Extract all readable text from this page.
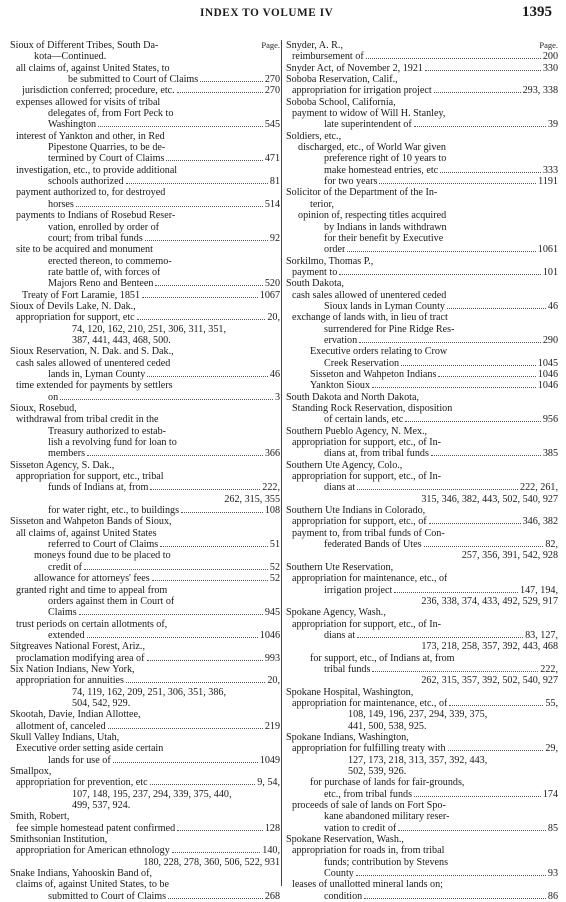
INDEX TO VOLUME IV	1395
Sioux of Different Tribes, South Da-	Page.
kota—Continued.
all claims of, against United States, to
be submitted to Court of Claims	270
jurisdiction conferred; procedure, etc.	270
expenses allowed for visits of tribal
delegates of, from Fort Peck to
Washington	545
interest of Yankton and other, in Red
Pipestone Quarries, to be de-
termined by Court of Claims	471
investigation, etc., to provide additional
schools authorized	81
payment authorized to, for destroyed
horses	514
payments to Indians of Rosebud Reser-
vation, enrolled by order of
court; from tribal funds	92
site to be acquired and monument
erected thereon, to commemo-
rate battle of, with forces of
Majors Reno and Benteen	520
Treaty of Fort Laramie, 1851	1067
Sioux of Devils Lake, N. Dak.,
appropriation for support, etc	20,
74, 120, 162, 210, 251, 306, 311, 351,
387, 441, 443, 468, 500.
Sioux Reservation, N. Dak. and S. Dak.,
cash sales allowed of unentered ceded
lands in, Lyman County	46
time extended for payments by settlers
on	3
Sioux, Rosebud,
withdrawal from tribal credit in the
Treasury authorized to estab-
lish a revolving fund for loan to
members	366
Sisseton Agency, S. Dak.,
appropriation for support, etc., tribal
funds of Indians at, from	222,
262, 315, 355
for water right, etc., to buildings	108
Sisseton and Wahpeton Bands of Sioux,
all claims of, against United States
referred to Court of Claims	51
moneys found due to be placed to
credit of	52
allowance for attorneys' fees	52
granted right and time to appeal from
orders against them in Court of
Claims	945
trust periods on certain allotments of,
extended	1046
Sitgreaves National Forest, Ariz.,
proclamation modifying area of	993
Six Nation Indians, New York,
appropriation for annuities	20,
74, 119, 162, 209, 251, 306, 351, 386,
504, 542, 929.
Skootah, Davie, Indian Allottee,
allotment of, canceled	219
Skull Valley Indians, Utah,
Executive order setting aside certain
lands for use of	1049
Smallpox,
appropriation for prevention, etc	9, 54,
107, 148, 195, 237, 294, 339, 375, 440,
499, 537, 924.
Smith, Robert,
fee simple homestead patent confirmed	128
Smithsonian Institution,
appropriation for American ethnology	140,
180, 228, 278, 360, 506, 522, 931
Snake Indians, Yahooskin Band of,
claims of, against United States, to be
submitted to Court of Claims	268
Snyder, A. R.,	Page.
reimbursement of	200
Snyder Act, of November 2, 1921	330
Soboba Reservation, Calif.,
appropriation for irrigation project	293, 338
Soboba School, California,
payment to widow of Will H. Stanley,
late superintendent of	39
Soldiers, etc.,
discharged, etc., of World War given
preference right of 10 years to
make homestead entries, etc	333
for two years	1191
Solicitor of the Department of the In-
terior,
opinion of, respecting titles acquired
by Indians in lands withdrawn
for their benefit by Executive
order	1061
Sorkilmo, Thomas P.,
payment to	101
South Dakota,
cash sales allowed of unentered ceded
Sioux lands in Lyman County	46
exchange of lands with, in lieu of tract
surrendered for Pine Ridge Res-
ervation	290
Executive orders relating to Crow
Creek Reservation	1045
Sisseton and Wahpeton Indians	1046
Yankton Sioux	1046
South Dakota and North Dakota,
Standing Rock Reservation, disposition
of certain lands, etc	956
Southern Pueblo Agency, N. Mex.,
appropriation for support, etc., of In-
dians at, from tribal funds	385
Southern Ute Agency, Colo.,
appropriation for support, etc., of In-
dians at	222, 261,
315, 346, 382, 443, 502, 540, 927
Southern Ute Indians in Colorado,
appropriation for support, etc., of	346, 382
payment to, from tribal funds of Con-
federated Bands of Utes	82,
257, 356, 391, 542, 928
Southern Ute Reservation,
appropriation for maintenance, etc., of
irrigation project	147, 194,
236, 338, 374, 433, 492, 529, 917
Spokane Agency, Wash.,
appropriation for support, etc., of In-
dians at	83, 127,
173, 218, 258, 357, 392, 443, 468
for support, etc., of Indians at, from
tribal funds	222,
262, 315, 357, 392, 502, 540, 927
Spokane Hospital, Washington,
appropriation for maintenance, etc., of	55,
108, 149, 196, 237, 294, 339, 375,
441, 500, 538, 925.
Spokane Indians, Washington,
appropriation for fulfilling treaty with	29,
127, 173, 218, 313, 357, 392, 443,
502, 539, 926.
for purchase of lands for fair-grounds,
etc., from tribal funds	174
proceeds of sale of lands on Fort Spo-
kane abandoned military reser-
vation to credit of	85
Spokane Reservation, Wash.,
appropriation for roads in, from tribal
funds; contribution by Stevens
County	93
leases of unallotted mineral lands on;
condition	86
